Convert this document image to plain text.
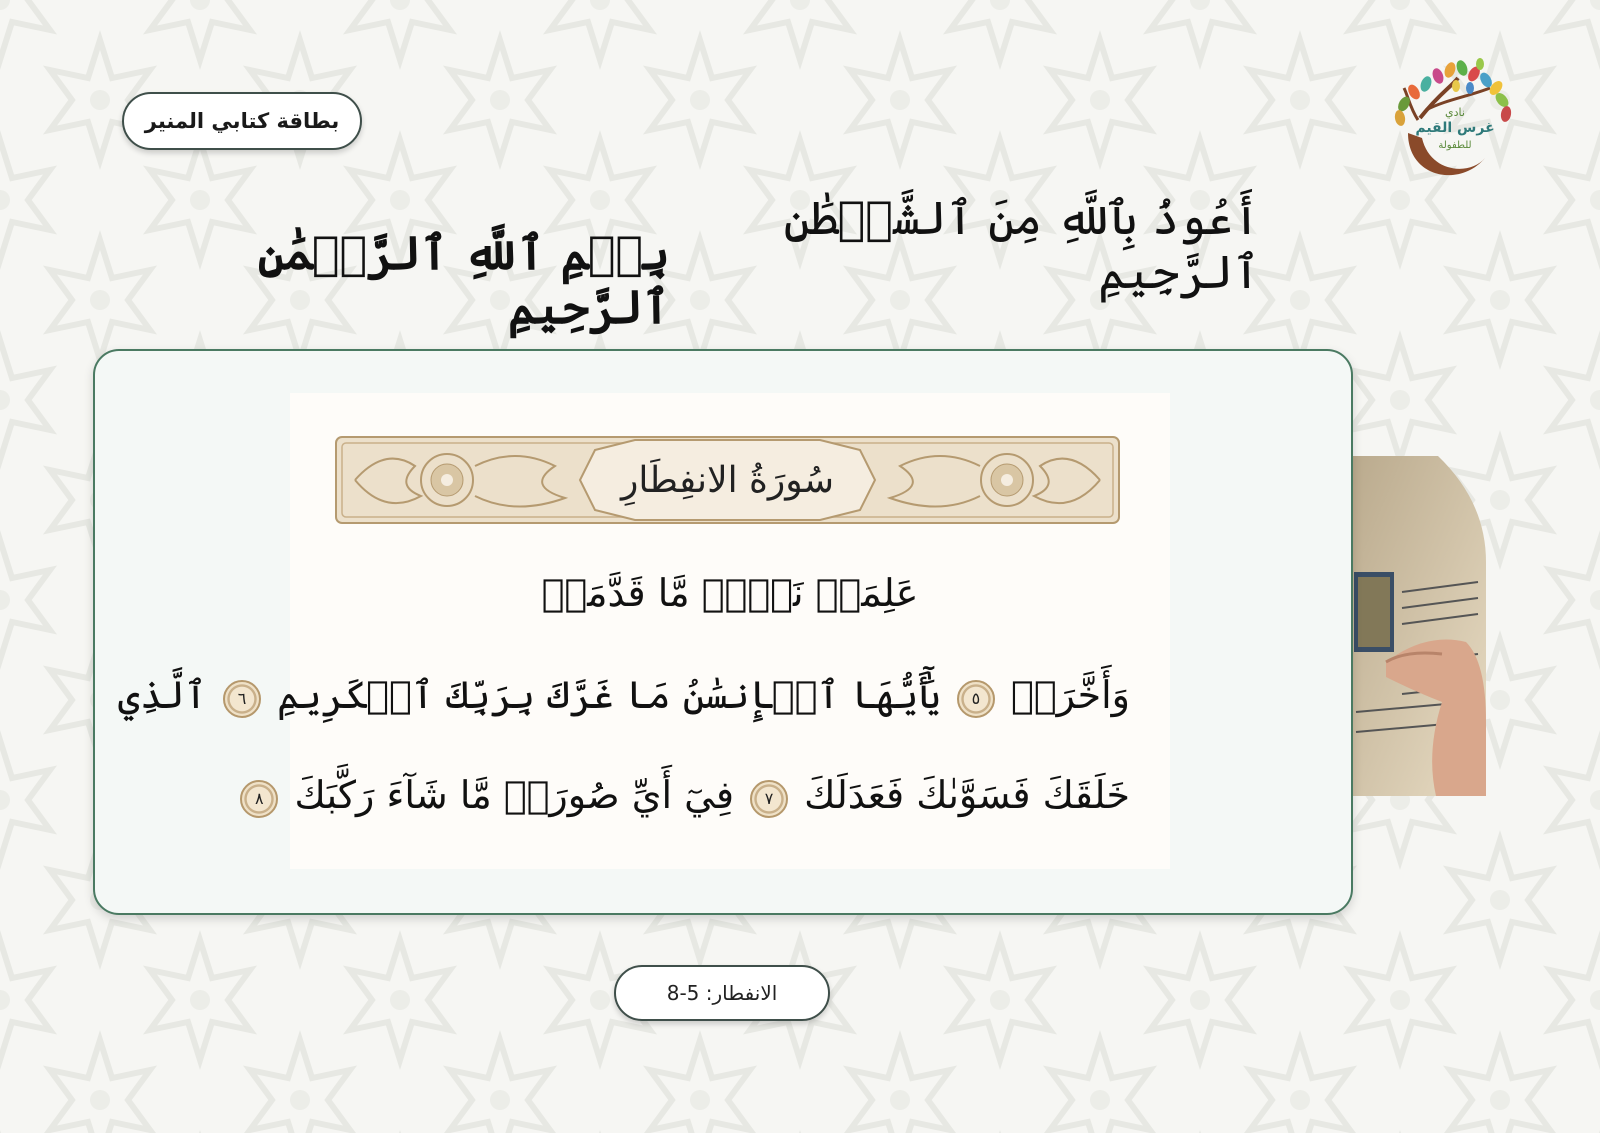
بطاقة كتابي المنير	نادي
غرس القيم
للطفولة
أَعُوذُ بِٱللَّهِ مِنَ ٱلشَّيۡطَٰنِ ٱلرَّجِيمِ
بِسۡمِ ٱللَّهِ ٱلرَّحۡمَٰنِ ٱلرَّحِيمِ
سُورَةُ الانفِطَارِ
عَلِمَتۡ نَفۡسٞ مَّا قَدَّمَتۡ
وَأَخَّرَتۡ ٥ يَٰٓأَيُّهَا ٱلۡإِنسَٰنُ مَا غَرَّكَ بِرَبِّكَ ٱلۡكَرِيمِ ٦ ٱلَّذِي
خَلَقَكَ فَسَوَّىٰكَ فَعَدَلَكَ ٧ فِيٓ أَيِّ صُورَةٖ مَّا شَآءَ رَكَّبَكَ ٨
الانفطار: 5-8
